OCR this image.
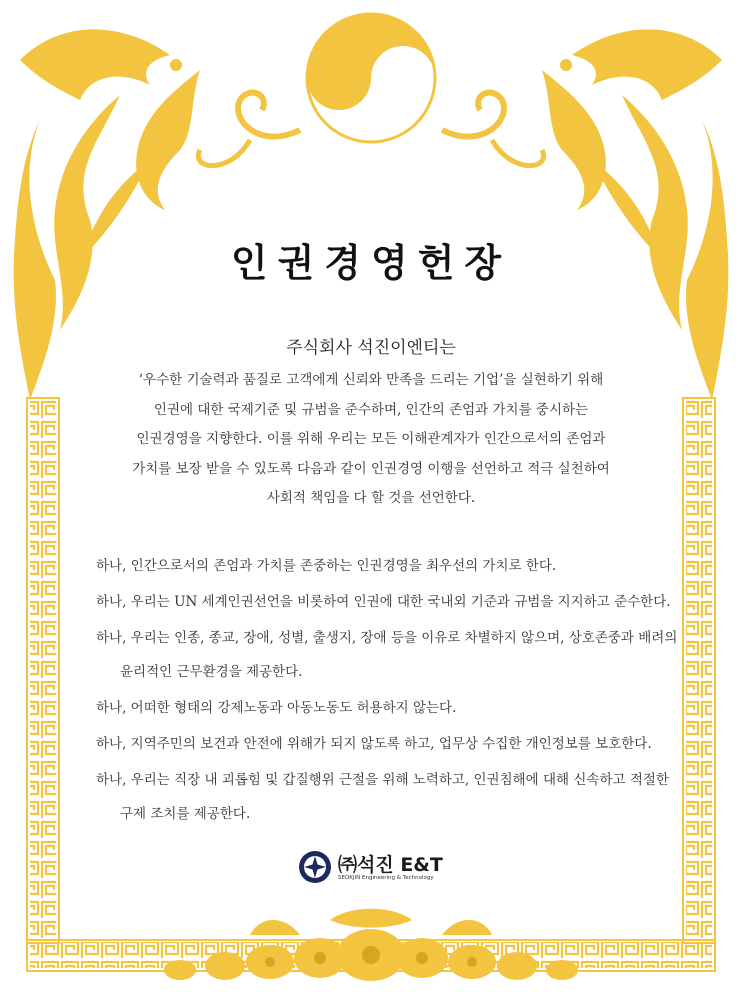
인권경영헌장
주식회사 석진이엔티는
‘우수한 기술력과 품질로 고객에게 신뢰와 만족을 드리는 기업’을 실현하기 위해
인권에 대한 국제기준 및 규범을 준수하며, 인간의 존엄과 가치를 중시하는
인권경영을 지향한다. 이를 위해 우리는 모든 이해관계자가 인간으로서의 존엄과
가치를 보장 받을 수 있도록 다음과 같이 인권경영 이행을 선언하고 적극 실천하여
사회적 책임을 다 할 것을 선언한다.
하나, 인간으로서의 존엄과 가치를 존중하는 인권경영을 최우선의 가치로 한다.
하나, 우리는 UN 세계인권선언을 비롯하여 인권에 대한 국내외 기준과 규범을 지지하고 준수한다.
하나, 우리는 인종, 종교, 장애, 성별, 출생지, 장애 등을 이유로 차별하지 않으며, 상호존중과 배려의
윤리적인 근무환경을 제공한다.
하나, 어떠한 형태의 강제노동과 아동노동도 허용하지 않는다.
하나, 지역주민의 보건과 안전에 위해가 되지 않도록 하고, 업무상 수집한 개인정보를 보호한다.
하나, 우리는 직장 내 괴롭힘 및 갑질행위 근절을 위해 노력하고, 인권침해에 대해 신속하고 적절한
구제 조치를 제공한다.
㈜석진 E&T
SEOKJIN Engineering & Technology
